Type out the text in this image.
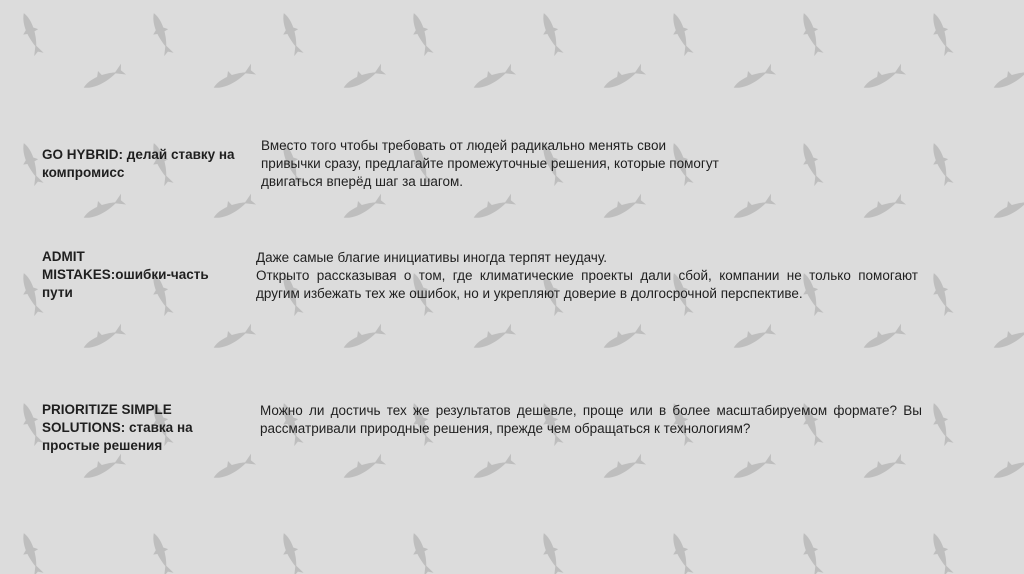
GO HYBRID: делай ставку на компромисс

Вместо того чтобы требовать от людей радикально менять свои привычки сразу, предлагайте промежуточные решения, которые помогут двигаться вперёд шаг за шагом.

ADMIT MISTAKES:ошибки-часть пути

Даже самые благие инициативы иногда терпят неудачу.

Открыто рассказывая о том, где климатические проекты дали сбой, компании не только помогают другим избежать тех же ошибок, но и укрепляют доверие в долгосрочной перспективе.

PRIORITIZE SIMPLE SOLUTIONS: ставка на простые решения

Можно ли достичь тех же результатов дешевле, проще или в более масштабируемом формате? Вы рассматривали природные решения, прежде чем обращаться к технологиям?
